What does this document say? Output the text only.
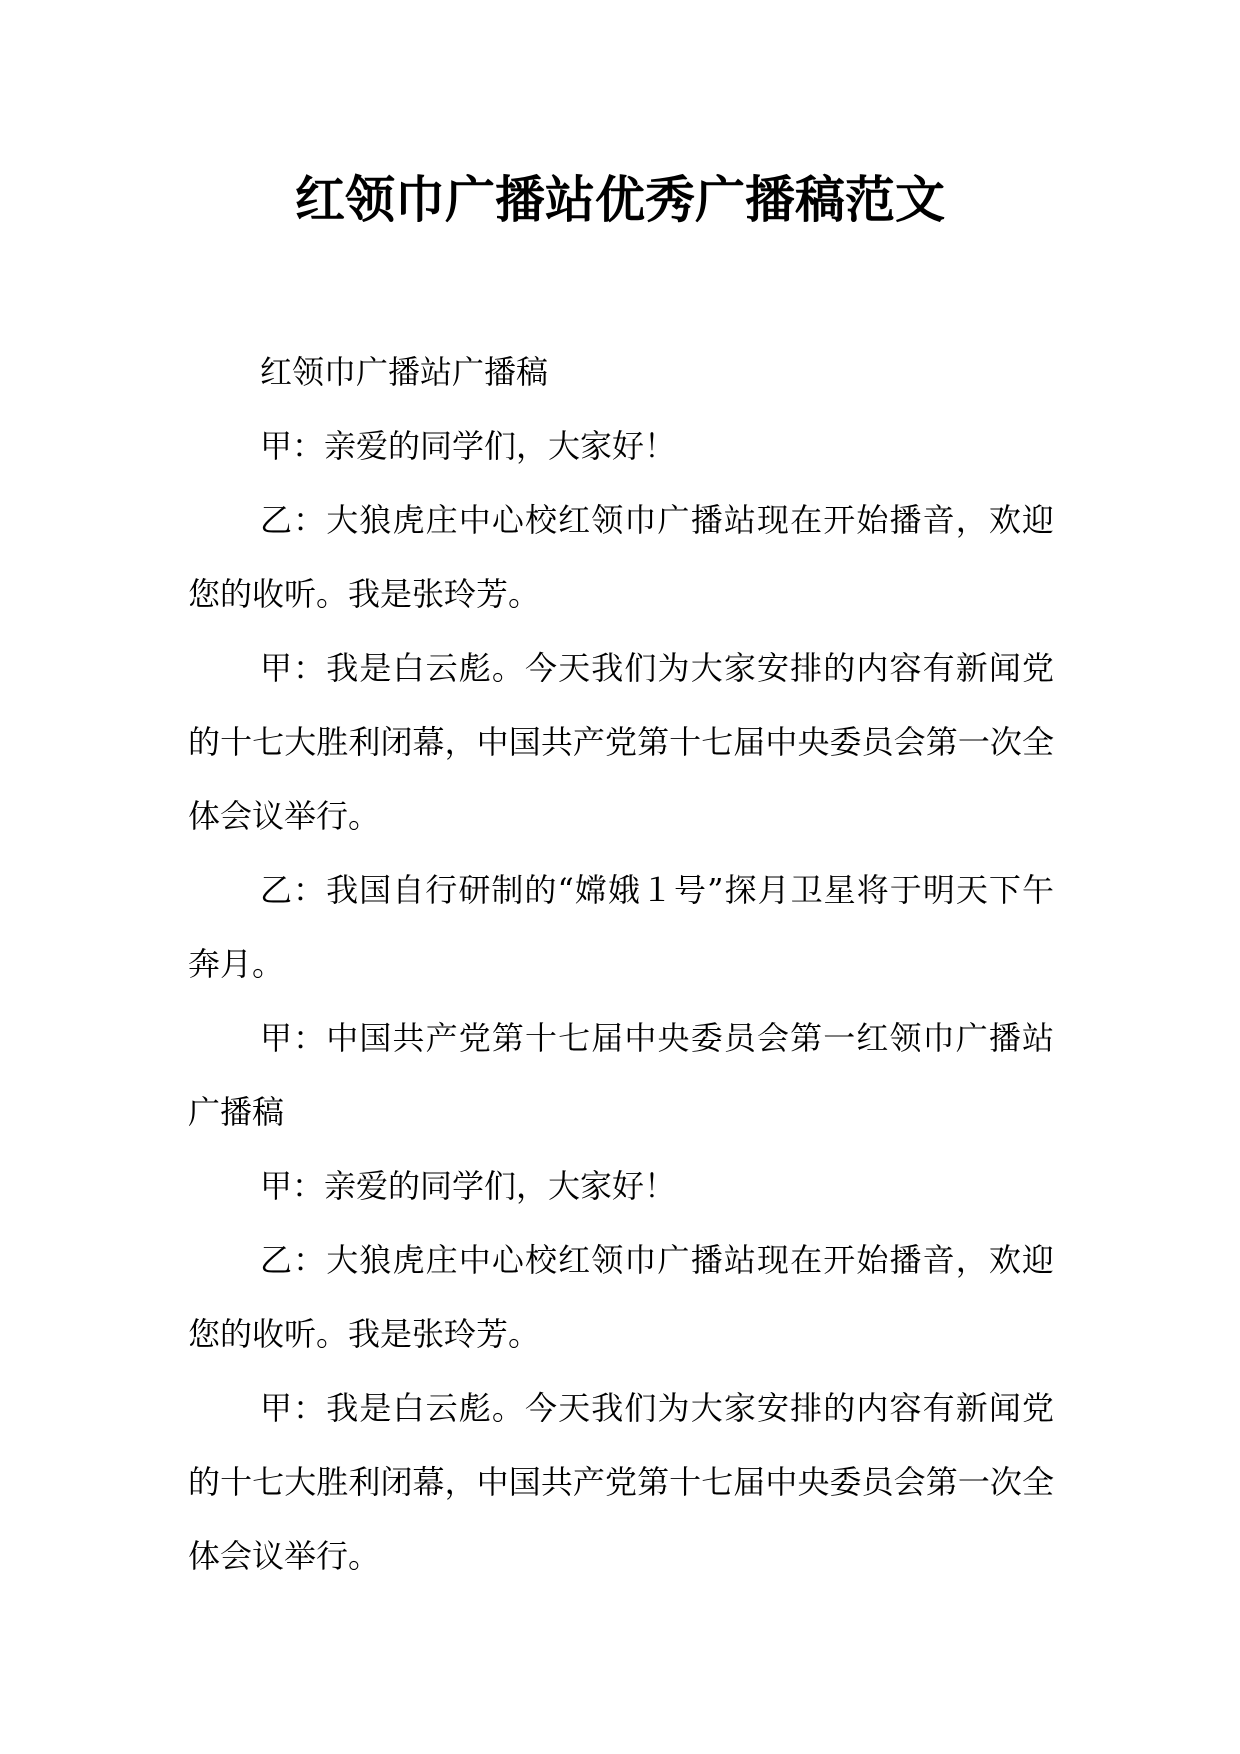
红领巾广播站优秀广播稿范文

红领巾广播站广播稿

甲：亲爱的同学们，大家好！

乙：大狼虎庄中心校红领巾广播站现在开始播音，欢迎您的收听。我是张玲芳。

甲：我是白云彪。今天我们为大家安排的内容有新闻党的十七大胜利闭幕，中国共产党第十七届中央委员会第一次全体会议举行。

乙：我国自行研制的“嫦娥１号”探月卫星将于明天下午奔月。

甲：中国共产党第十七届中央委员会第一红领巾广播站广播稿

甲：亲爱的同学们，大家好！

乙：大狼虎庄中心校红领巾广播站现在开始播音，欢迎您的收听。我是张玲芳。

甲：我是白云彪。今天我们为大家安排的内容有新闻党的十七大胜利闭幕，中国共产党第十七届中央委员会第一次全体会议举行。
